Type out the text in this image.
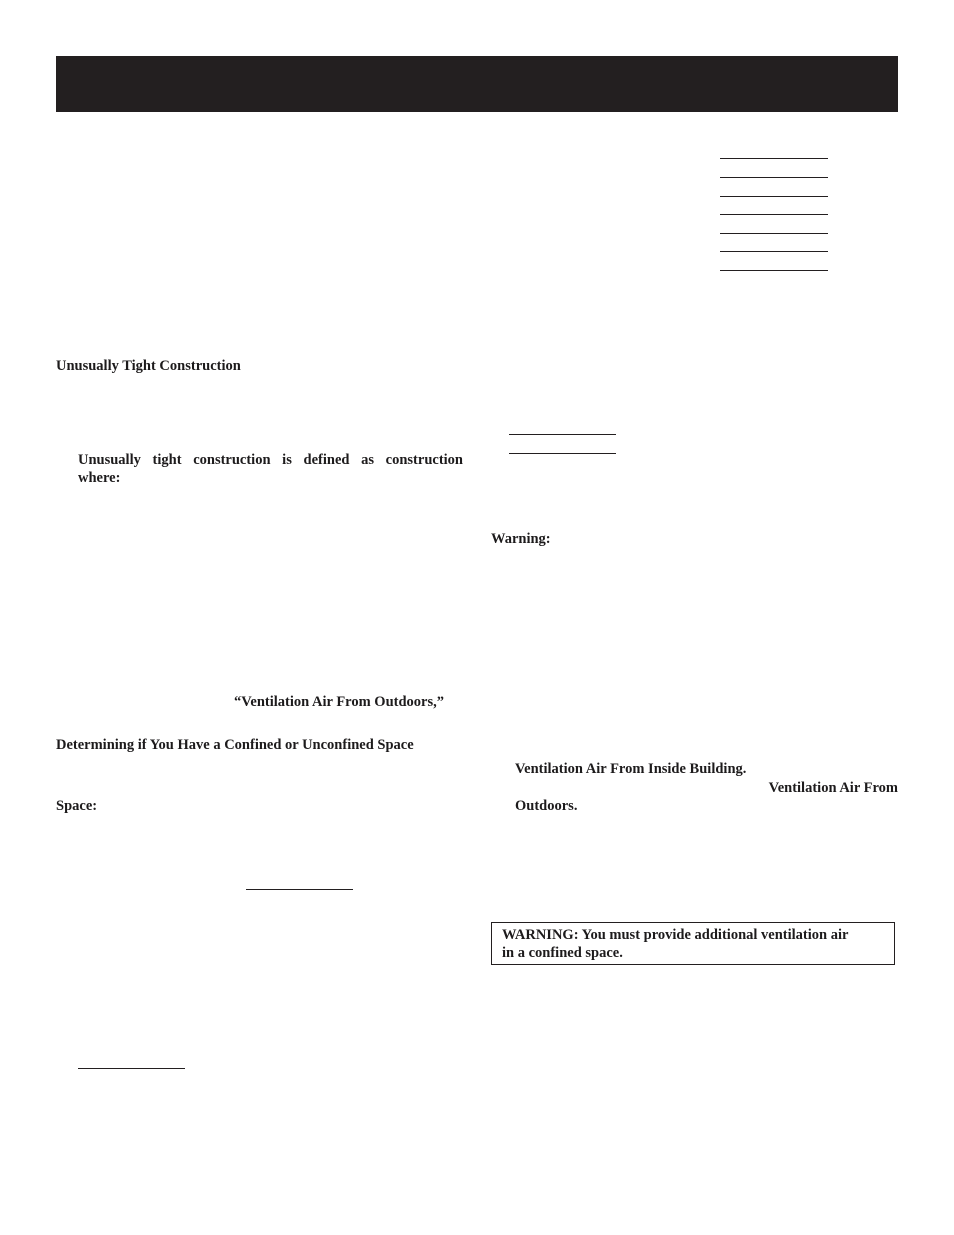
Unusually Tight Construction
Unusually tight construction is defined as construction
where:
“Ventilation Air From Outdoors,”
Determining if You Have a Confined or Unconfined Space
Space:
Warning:
Ventilation Air From Inside Building.
Ventilation Air From
Outdoors.
WARNING: You must provide additional ventilation air
in a confined space.
